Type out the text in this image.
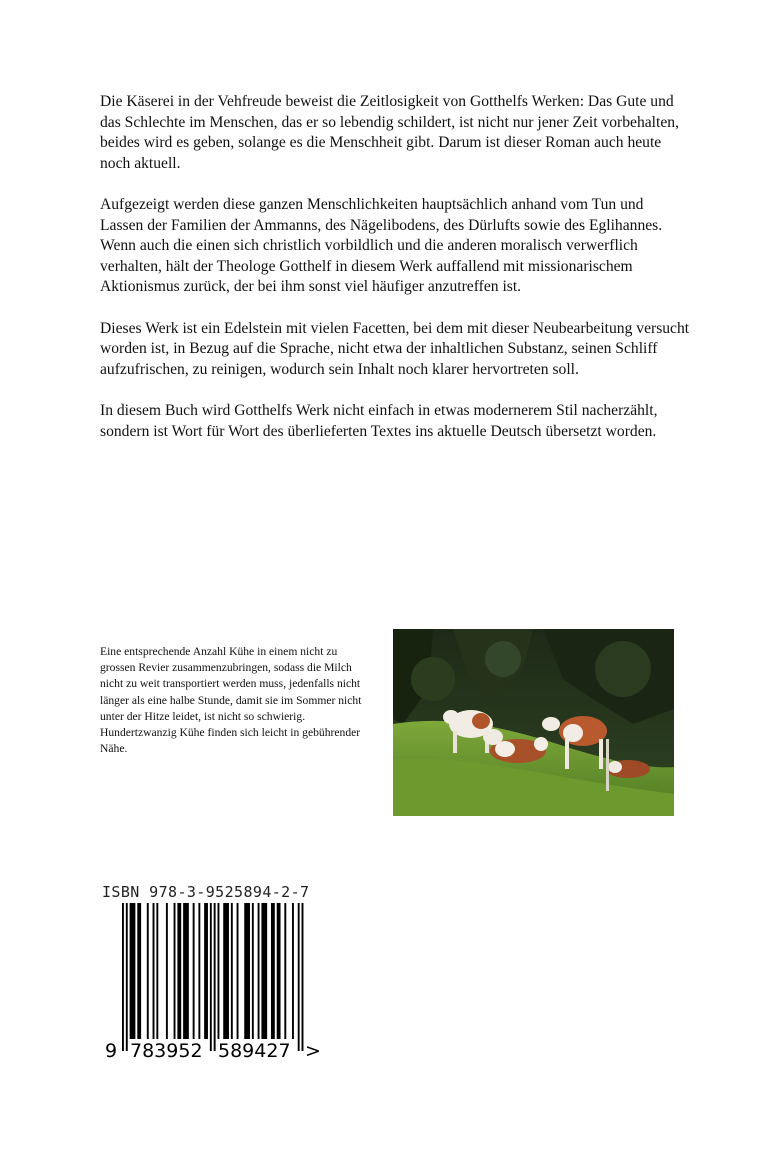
Die Käserei in der Vehfreude beweist die Zeitlosigkeit von Gotthelfs Werken: Das Gute und das Schlechte im Menschen, das er so lebendig schildert, ist nicht nur jener Zeit vorbehalten, beides wird es geben, solange es die Menschheit gibt. Darum ist dieser Roman auch heute noch aktuell.

Aufgezeigt werden diese ganzen Menschlichkeiten hauptsächlich anhand vom Tun und Lassen der Familien der Ammanns, des Nägelibodens, des Dürlufts sowie des Eglihannes. Wenn auch die einen sich christlich vorbildlich und die anderen moralisch verwerflich verhalten, hält der Theologe Gotthelf in diesem Werk auffallend mit missionarischem Aktionismus zurück, der bei ihm sonst viel häufiger anzutreffen ist.

Dieses Werk ist ein Edelstein mit vielen Facetten, bei dem mit dieser Neubearbeitung versucht worden ist, in Bezug auf die Sprache, nicht etwa der inhaltlichen Substanz, seinen Schliff aufzufrischen, zu reinigen, wodurch sein Inhalt noch klarer hervortreten soll.

In diesem Buch wird Gotthelfs Werk nicht einfach in etwas modernerem Stil nacherzählt, sondern ist Wort für Wort des überlieferten Textes ins aktuelle Deutsch übersetzt worden.

Eine entsprechende Anzahl Kühe in einem nicht zu grossen Revier zusammenzubringen, sodass die Milch nicht zu weit transportiert werden muss, jedenfalls nicht länger als eine halbe Stunde, damit sie im Sommer nicht unter der Hitze leidet, ist nicht so schwierig. Hundertzwanzig Kühe finden sich leicht in gebührender Nähe.
ISBN 978-3-9525894-2-7
9 783952 589427 >
